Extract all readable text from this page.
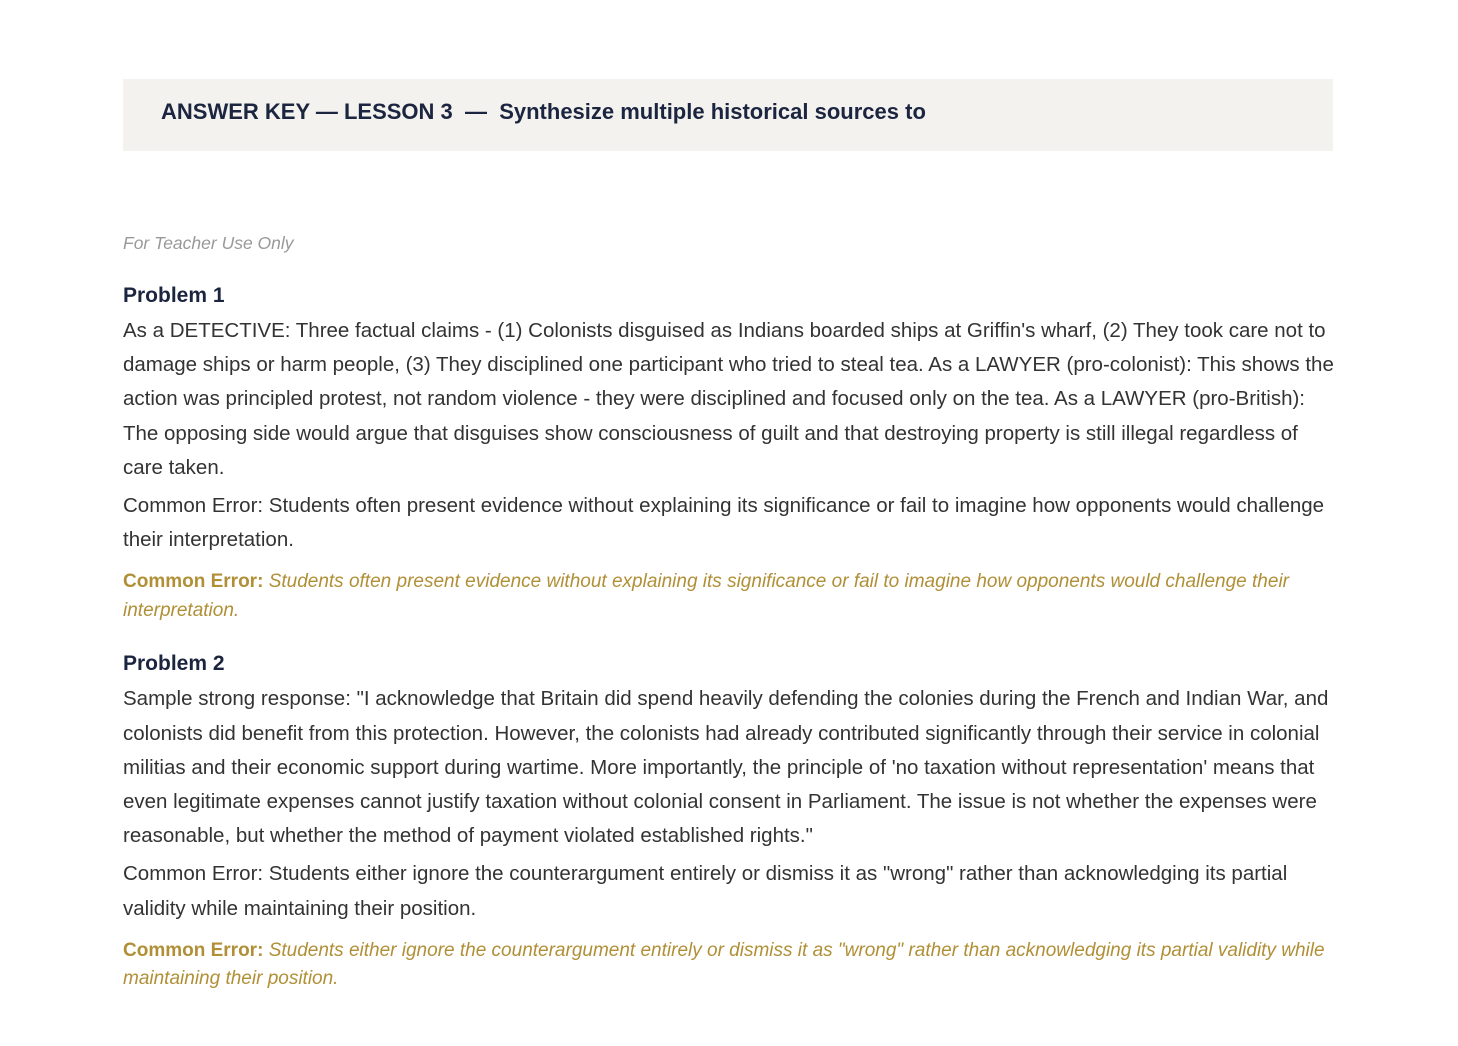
ANSWER KEY — LESSON 3  —  Synthesize multiple historical sources to

For Teacher Use Only

Problem 1

As a DETECTIVE: Three factual claims - (1) Colonists disguised as Indians boarded ships at Griffin's wharf, (2) They took care not to damage ships or harm people, (3) They disciplined one participant who tried to steal tea. As a LAWYER (pro-colonist): This shows the action was principled protest, not random violence - they were disciplined and focused only on the tea. As a LAWYER (pro-British): The opposing side would argue that disguises show consciousness of guilt and that destroying property is still illegal regardless of care taken.

Common Error: Students often present evidence without explaining its significance or fail to imagine how opponents would challenge their interpretation.

Common Error: Students often present evidence without explaining its significance or fail to imagine how opponents would challenge their interpretation.

Problem 2

Sample strong response: "I acknowledge that Britain did spend heavily defending the colonies during the French and Indian War, and colonists did benefit from this protection. However, the colonists had already contributed significantly through their service in colonial militias and their economic support during wartime. More importantly, the principle of 'no taxation without representation' means that even legitimate expenses cannot justify taxation without colonial consent in Parliament. The issue is not whether the expenses were reasonable, but whether the method of payment violated established rights."

Common Error: Students either ignore the counterargument entirely or dismiss it as "wrong" rather than acknowledging its partial validity while maintaining their position.

Common Error: Students either ignore the counterargument entirely or dismiss it as "wrong" rather than acknowledging its partial validity while maintaining their position.
